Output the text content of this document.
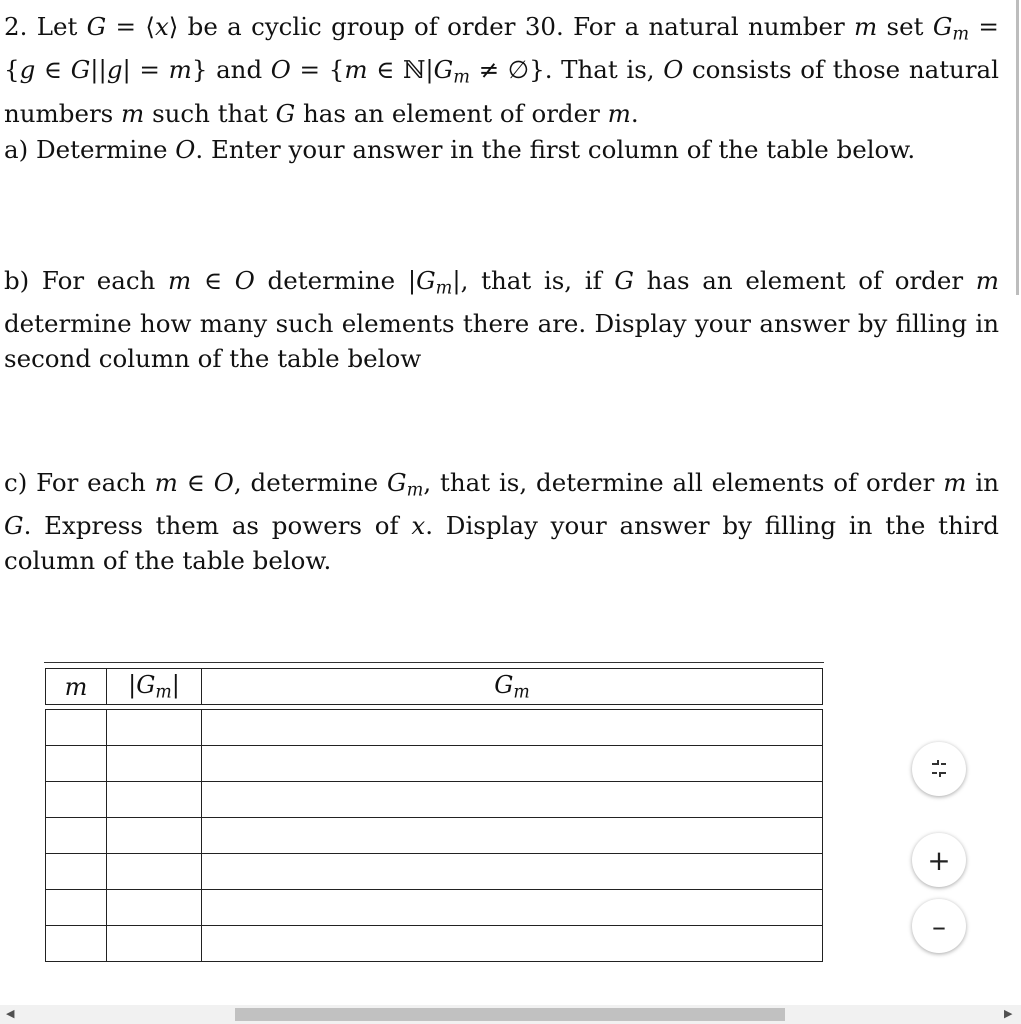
2. Let G = ⟨x⟩ be a cyclic group of order 30. For a natural number m set $G_m = \{g$ ∈ G||g| = m} and O = {m ∈ $ℕ|G_m$ ≠ ∅}. That is, O consists of those natural numbers m such that G has an element of order m.

a) Determine O. Enter your answer in the first column of the table below.

b) For each m ∈ O determine $|G_m|$, that is, if G has an element of order m determine how many such elements there are. Display your answer by filling in second column of the table below

c) For each m ∈ O, determine $G_m$, that is, determine all elements of order m in G. Express them as powers of x. Display your answer by filling in the third column of the table below.

m	$|G_m|$	$G_m$

+
–
◀	▶
